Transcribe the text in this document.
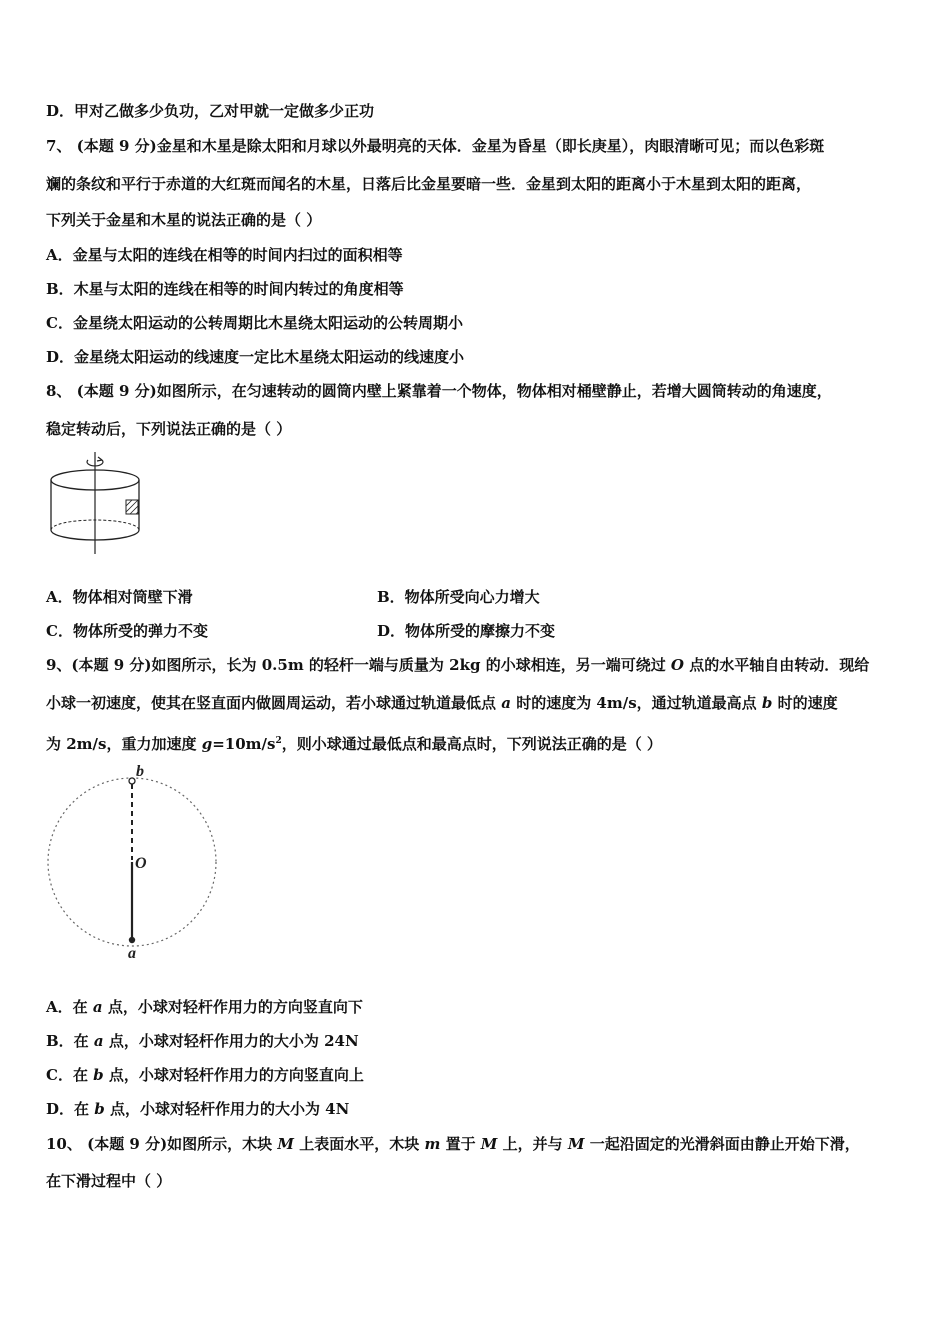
D．甲对乙做多少负功，乙对甲就一定做多少正功
7、 (本题 9 分)金星和木星是除太阳和月球以外最明亮的天体．金星为昏星（即长庚星），肉眼清晰可见；而以色彩斑
斓的条纹和平行于赤道的大红斑而闻名的木星，日落后比金星要暗一些．金星到太阳的距离小于木星到太阳的距离，
下列关于金星和木星的说法正确的是（ ）
A．金星与太阳的连线在相等的时间内扫过的面积相等
B．木星与太阳的连线在相等的时间内转过的角度相等
C．金星绕太阳运动的公转周期比木星绕太阳运动的公转周期小
D．金星绕太阳运动的线速度一定比木星绕太阳运动的线速度小
8、 (本题 9 分)如图所示，在匀速转动的圆筒内壁上紧靠着一个物体，物体相对桶壁静止，若增大圆筒转动的角速度，
稳定转动后，下列说法正确的是（ ）
A．物体相对筒壁下滑	B．物体所受向心力增大
C．物体所受的弹力不变	D．物体所受的摩擦力不变
9、(本题 9 分)如图所示，长为 0.5m 的轻杆一端与质量为 2kg 的小球相连，另一端可绕过 O 点的水平轴自由转动．现给
小球一初速度，使其在竖直面内做圆周运动，若小球通过轨道最低点 a 时的速度为 4m/s，通过轨道最高点 b 时的速度
为 2m/s，重力加速度 $g=10m/s^2$，则小球通过最低点和最高点时，下列说法正确的是（ ）
b
O
a
A．在 a 点，小球对轻杆作用力的方向竖直向下
B．在 a 点，小球对轻杆作用力的大小为 24N
C．在 b 点，小球对轻杆作用力的方向竖直向上
D．在 b 点，小球对轻杆作用力的大小为 4N
10、 (本题 9 分)如图所示，木块 M 上表面水平，木块 m 置于 M 上，并与 M 一起沿固定的光滑斜面由静止开始下滑，
在下滑过程中（ ）
